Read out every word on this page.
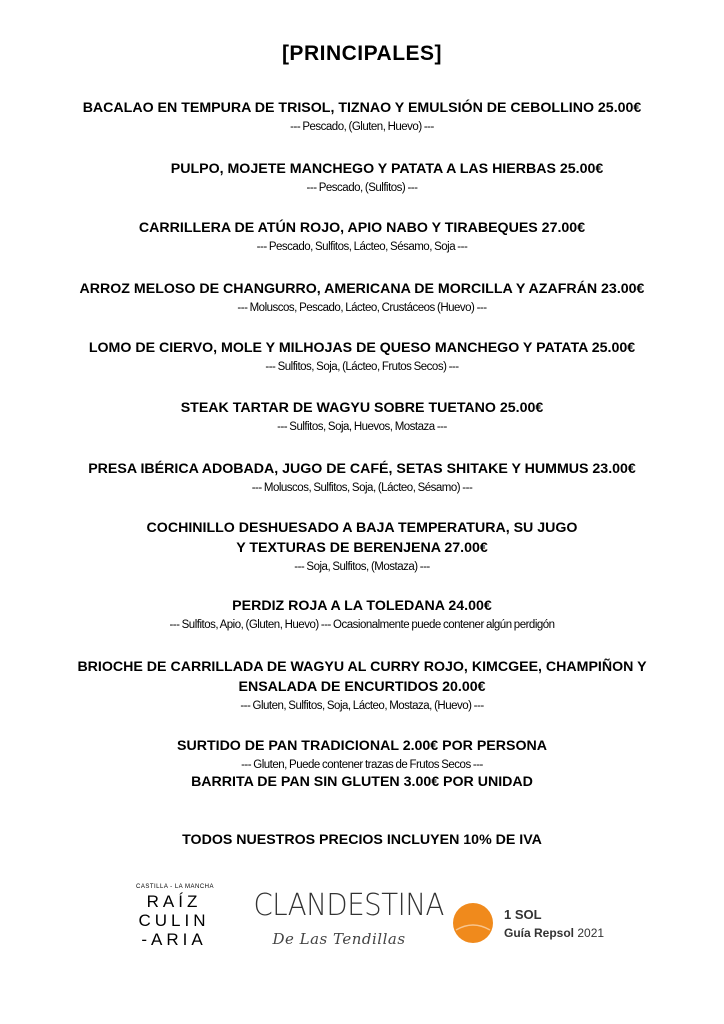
[PRINCIPALES]
BACALAO EN TEMPURA DE TRISOL, TIZNAO Y EMULSIÓN DE CEBOLLINO 25.00€
--- Pescado, (Gluten, Huevo) ---
PULPO, MOJETE MANCHEGO Y PATATA A LAS HIERBAS 25.00€
--- Pescado, (Sulfitos) ---
CARRILLERA DE ATÚN ROJO, APIO NABO Y TIRABEQUES 27.00€
--- Pescado, Sulfitos, Lácteo, Sésamo, Soja ---
ARROZ MELOSO DE CHANGURRO, AMERICANA DE MORCILLA Y AZAFRÁN 23.00€
--- Moluscos, Pescado, Lácteo, Crustáceos (Huevo) ---
LOMO DE CIERVO, MOLE Y MILHOJAS DE QUESO MANCHEGO Y PATATA 25.00€
--- Sulfitos, Soja, (Lácteo, Frutos Secos) ---
STEAK TARTAR DE WAGYU SOBRE TUETANO 25.00€
--- Sulfitos, Soja, Huevos, Mostaza ---
PRESA IBÉRICA ADOBADA, JUGO DE CAFÉ, SETAS SHITAKE Y HUMMUS 23.00€
--- Moluscos, Sulfitos, Soja, (Lácteo, Sésamo) ---
COCHINILLO DESHUESADO A BAJA TEMPERATURA, SU JUGO
Y TEXTURAS DE BERENJENA 27.00€
--- Soja, Sulfitos, (Mostaza) ---
PERDIZ ROJA A LA TOLEDANA 24.00€
--- Sulfitos, Apio, (Gluten, Huevo) --- Ocasionalmente puede contener algún perdigón
BRIOCHE DE CARRILLADA DE WAGYU AL CURRY ROJO, KIMCGEE, CHAMPIÑON Y
ENSALADA DE ENCURTIDOS 20.00€
--- Gluten, Sulfitos, Soja, Lácteo, Mostaza, (Huevo) ---
SURTIDO DE PAN TRADICIONAL 2.00€ POR PERSONA
--- Gluten, Puede contener trazas de Frutos Secos ---
BARRITA DE PAN SIN GLUTEN 3.00€ POR UNIDAD
TODOS NUESTROS PRECIOS INCLUYEN 10% DE IVA
CASTILLA - LA MANCHA
RAÍZ
CULIN
-ARIA
CLANDESTINA
De Las Tendillas
1 SOL
Guía Repsol 2021
